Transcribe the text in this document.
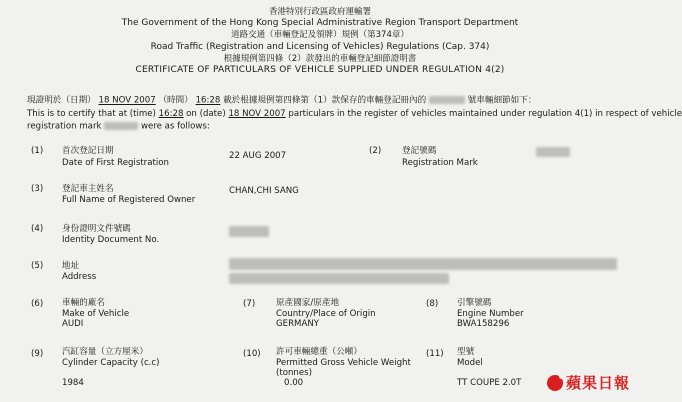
香港特別行政區政府運輸署
The Government of the Hong Kong Special Administrative Region Transport Department
道路交通（車輛登記及領牌）規例（第374章）
Road Traffic (Registration and Licensing of Vehicles) Regulations (Cap. 374)
根據規例第四條（2）款發出的車輛登記細節證明書
CERTIFICATE OF PARTICULARS OF VEHICLE SUPPLIED UNDER REGULATION 4(2)
現證明於（日期） 18 NOV 2007 （時間） 16:28 載於根據規例第四條第（1）款保存的車輛登記冊內的	號車輛細節如下：
This is to certify that at (time) 16:28 on (date) 18 NOV 2007 particulars in the register of vehicles maintained under regulation 4(1) in respect of vehicle
registration mark	were as follows:
(1) 首次登記日期
Date of First Registration
22 AUG 2007	(2) 登記號碼
Registration Mark
(3) 登記車主姓名
Full Name of Registered Owner
CHAN,CHI SANG
(4) 身份證明文件號碼
Identity Document No.
(5) 地址
Address
(6) 車輛的廠名
Make of Vehicle
AUDI
(7) 原產國家/原產地
Country/Place of Origin
GERMANY
(8) 引擎號碼
Engine Number
BWA158296
(9) 汽缸容量（立方厘米）
Cylinder Capacity (c.c)
1984
(10) 許可車輛總重（公噸）
Permitted Gross Vehicle Weight
(tonnes)
0.00
(11) 型號
Model
TT COUPE 2.0T	蘋果日報
